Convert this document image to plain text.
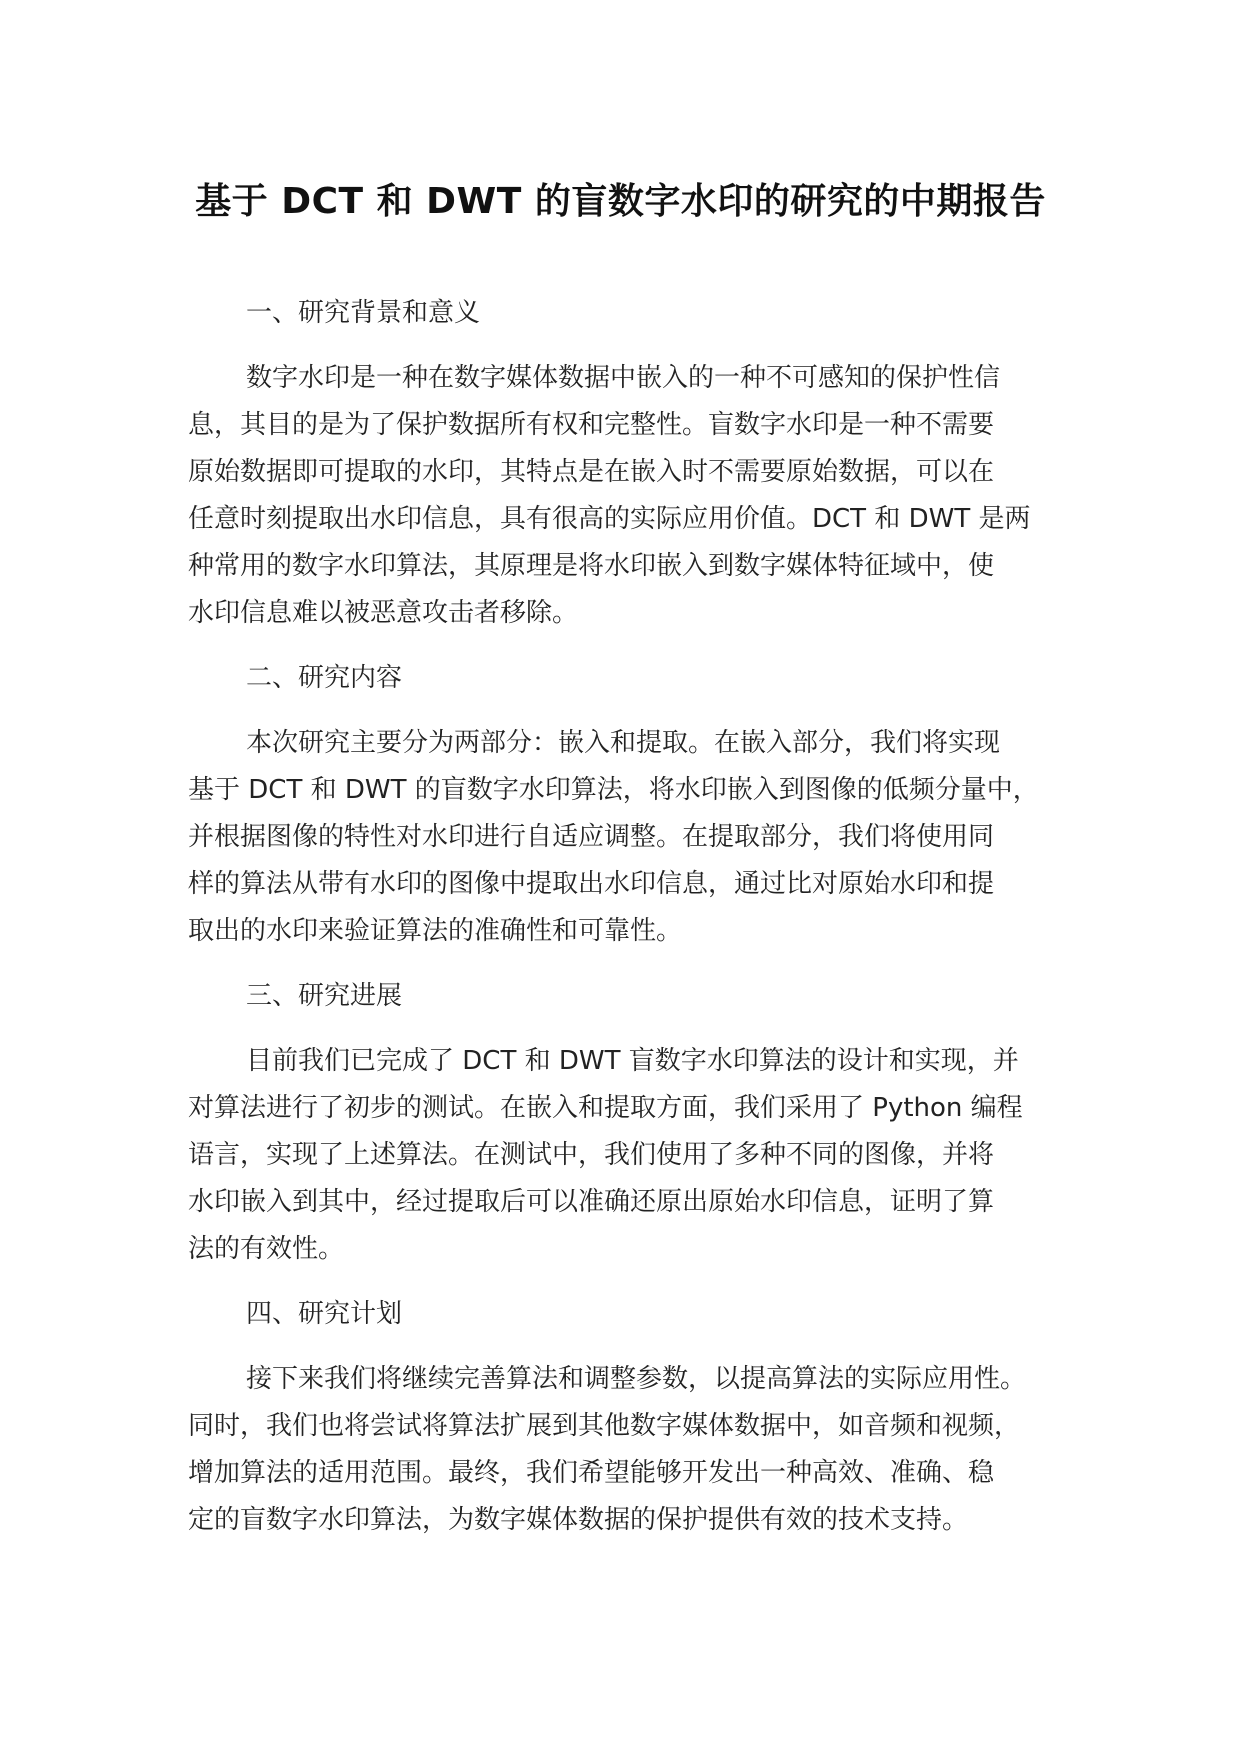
基于 DCT 和 DWT 的盲数字水印的研究的中期报告

一、研究背景和意义

数字水印是一种在数字媒体数据中嵌入的一种不可感知的保护性信
息，其目的是为了保护数据所有权和完整性。盲数字水印是一种不需要
原始数据即可提取的水印，其特点是在嵌入时不需要原始数据，可以在
任意时刻提取出水印信息，具有很高的实际应用价值。DCT 和 DWT 是两
种常用的数字水印算法，其原理是将水印嵌入到数字媒体特征域中，使
水印信息难以被恶意攻击者移除。

二、研究内容

本次研究主要分为两部分：嵌入和提取。在嵌入部分，我们将实现
基于 DCT 和 DWT 的盲数字水印算法，将水印嵌入到图像的低频分量中，
并根据图像的特性对水印进行自适应调整。在提取部分，我们将使用同
样的算法从带有水印的图像中提取出水印信息，通过比对原始水印和提
取出的水印来验证算法的准确性和可靠性。

三、研究进展

目前我们已完成了 DCT 和 DWT 盲数字水印算法的设计和实现，并
对算法进行了初步的测试。在嵌入和提取方面，我们采用了 Python 编程
语言，实现了上述算法。在测试中，我们使用了多种不同的图像，并将
水印嵌入到其中，经过提取后可以准确还原出原始水印信息，证明了算
法的有效性。

四、研究计划

接下来我们将继续完善算法和调整参数，以提高算法的实际应用性。
同时，我们也将尝试将算法扩展到其他数字媒体数据中，如音频和视频，
增加算法的适用范围。最终，我们希望能够开发出一种高效、准确、稳
定的盲数字水印算法，为数字媒体数据的保护提供有效的技术支持。
